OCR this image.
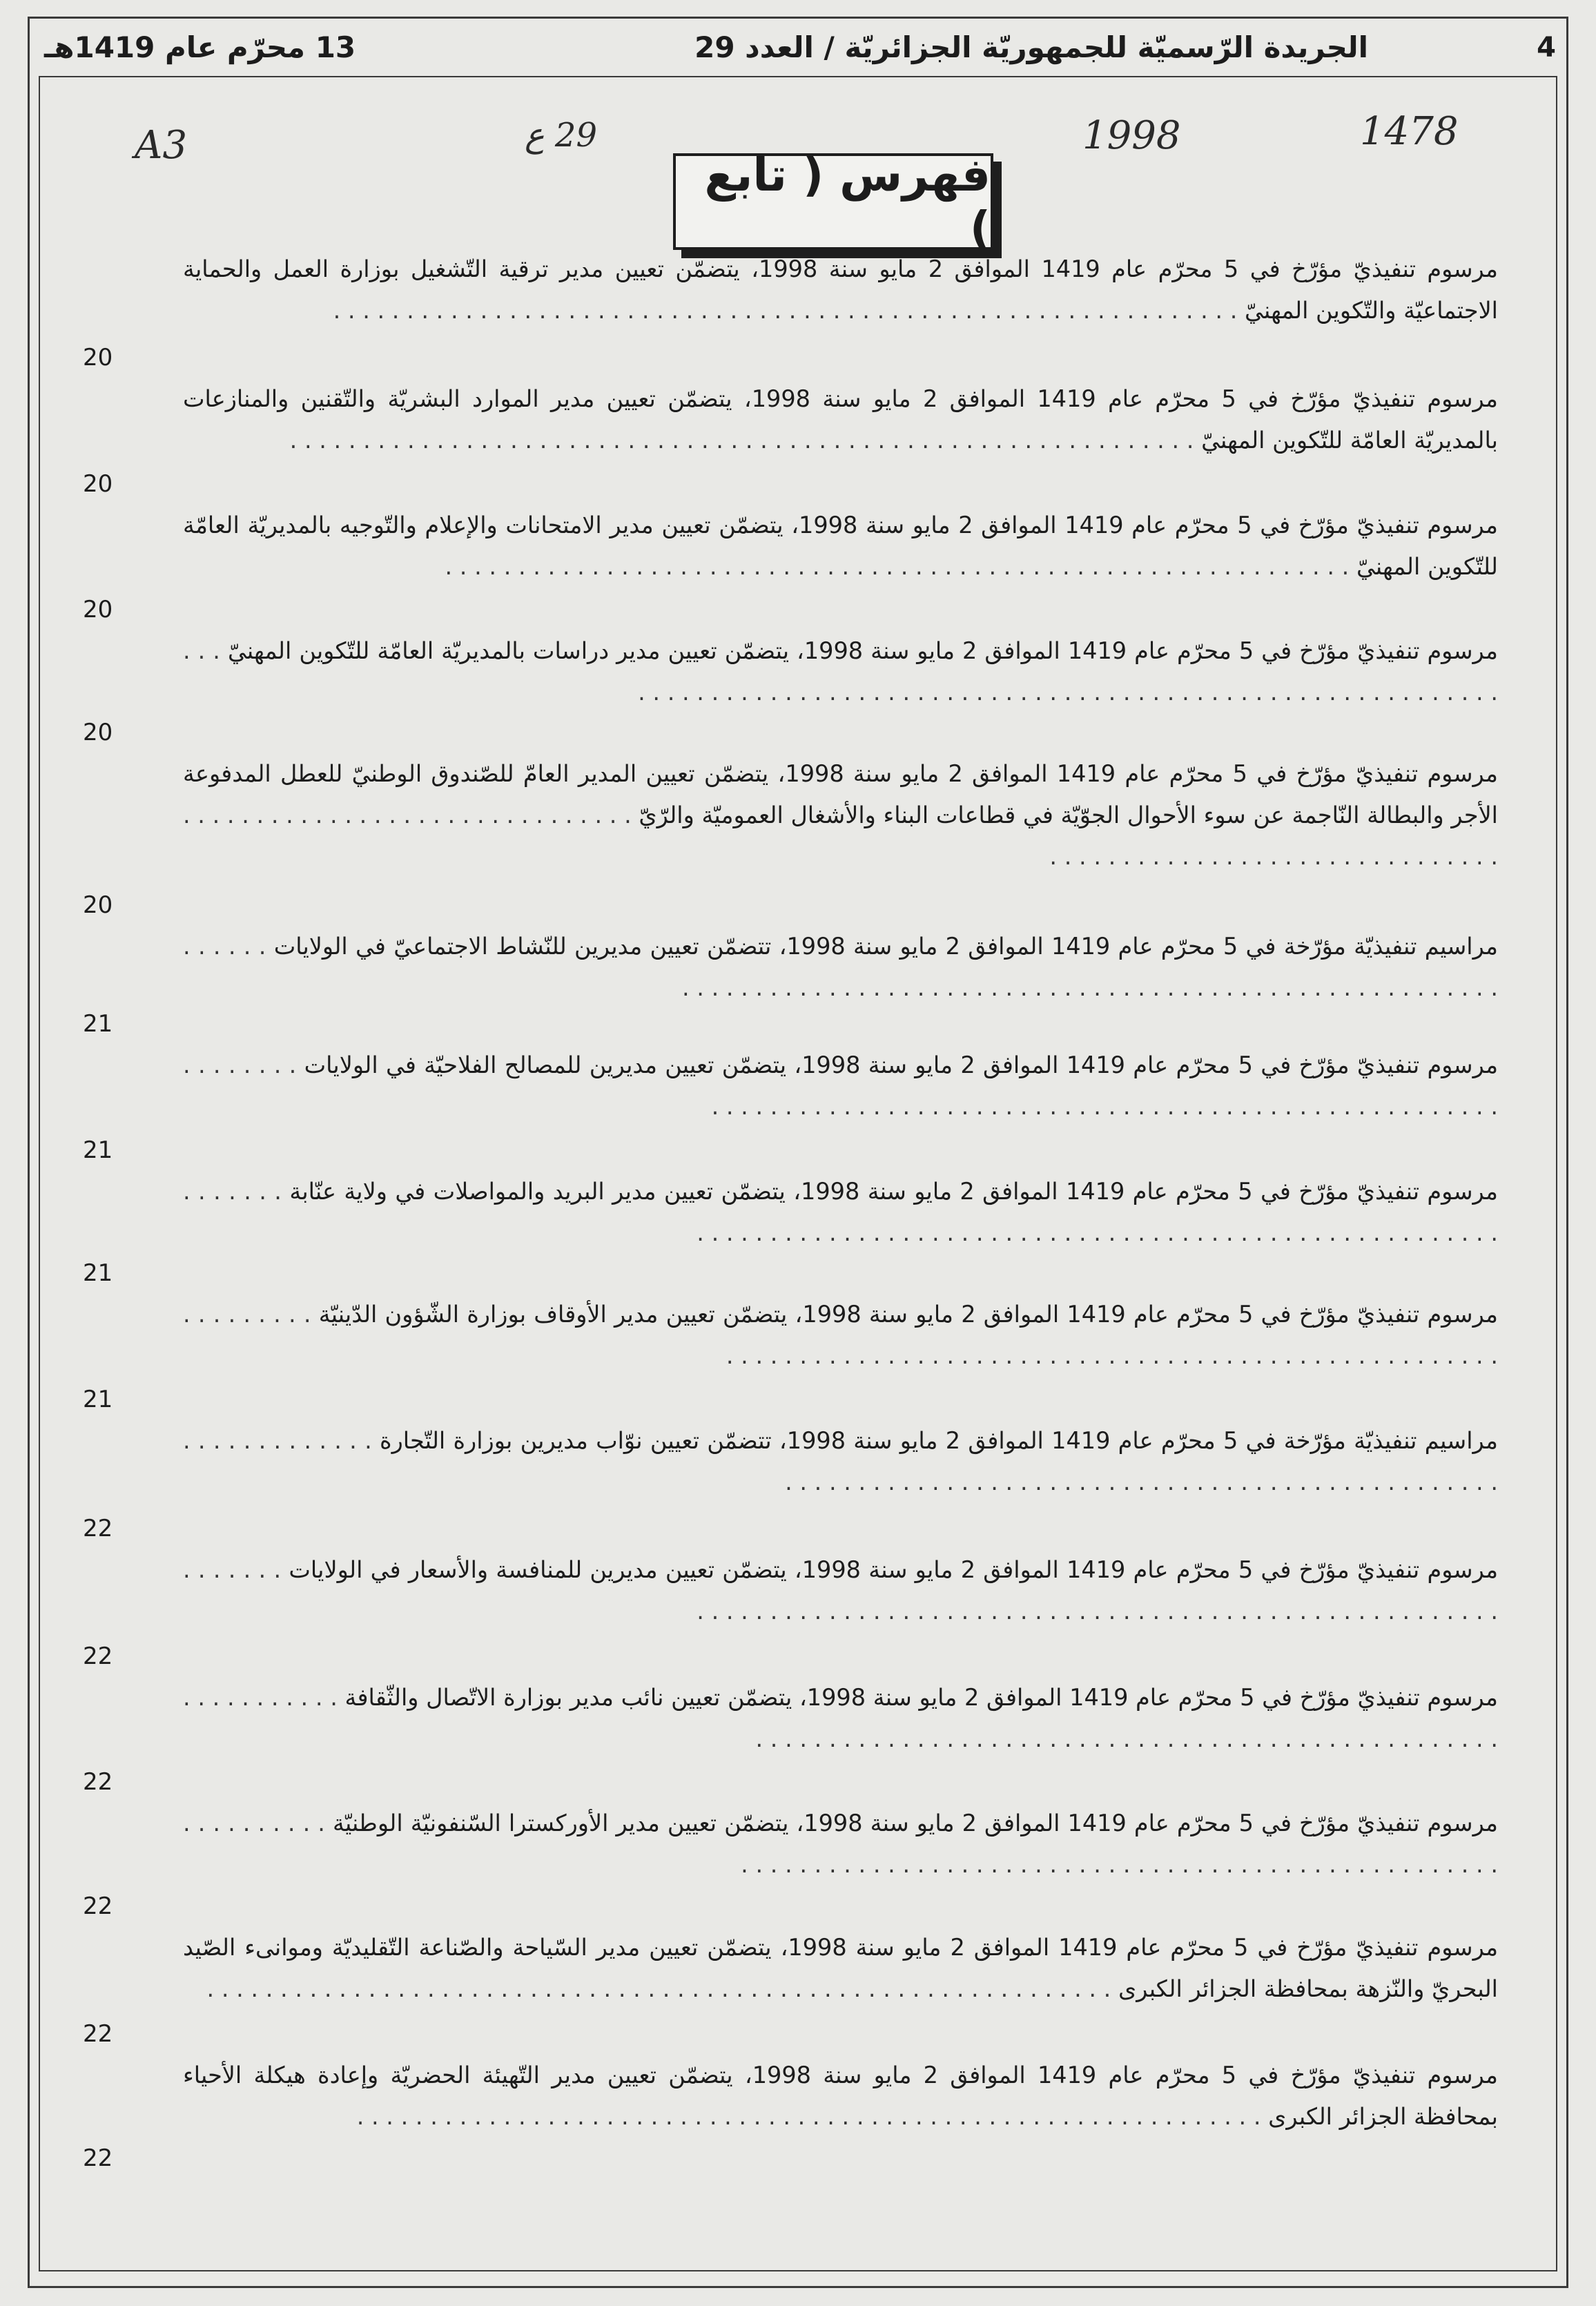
4
الجريدة الرّسميّة للجمهوريّة الجزائريّة / العدد 29
13 محرّم عام 1419هـ
A3	29 ع	1998	1478
فهرس ( تابع )
مرسوم تنفيذيّ مؤرّخ في 5 محرّم عام 1419 الموافق 2 مايو سنة 1998، يتضمّن تعيين مدير ترقية التّشغيل بوزارة العمل والحماية الاجتماعيّة والتّكوين المهنيّ . . . . . . . . . . . . . . . . . . . . . . . . . . . . . . . . . . . . . . . . . . . . . . . . . . . . . . . . . . . . . .
20
مرسوم تنفيذيّ مؤرّخ في 5 محرّم عام 1419 الموافق 2 مايو سنة 1998، يتضمّن تعيين مدير الموارد البشريّة والتّقنين والمنازعات بالمديريّة العامّة للتّكوين المهنيّ . . . . . . . . . . . . . . . . . . . . . . . . . . . . . . . . . . . . . . . . . . . . . . . . . . . . . . . . . . . . . .
20
مرسوم تنفيذيّ مؤرّخ في 5 محرّم عام 1419 الموافق 2 مايو سنة 1998، يتضمّن تعيين مدير الامتحانات والإعلام والتّوجيه بالمديريّة العامّة للتّكوين المهنيّ . . . . . . . . . . . . . . . . . . . . . . . . . . . . . . . . . . . . . . . . . . . . . . . . . . . . . . . . . . . . . .
20
مرسوم تنفيذيّ مؤرّخ في 5 محرّم عام 1419 الموافق 2 مايو سنة 1998، يتضمّن تعيين مدير دراسات بالمديريّة العامّة للتّكوين المهنيّ . . . . . . . . . . . . . . . . . . . . . . . . . . . . . . . . . . . . . . . . . . . . . . . . . . . . . . . . . . . . . .
20
مرسوم تنفيذيّ مؤرّخ في 5 محرّم عام 1419 الموافق 2 مايو سنة 1998، يتضمّن تعيين المدير العامّ للصّندوق الوطنيّ للعطل المدفوعة الأجر والبطالة النّاجمة عن سوء الأحوال الجوّيّة في قطاعات البناء والأشغال العموميّة والرّيّ . . . . . . . . . . . . . . . . . . . . . . . . . . . . . . . . . . . . . . . . . . . . . . . . . . . . . . . . . . . . . .
20
مراسيم تنفيذيّة مؤرّخة في 5 محرّم عام 1419 الموافق 2 مايو سنة 1998، تتضمّن تعيين مديرين للنّشاط الاجتماعيّ في الولايات . . . . . . . . . . . . . . . . . . . . . . . . . . . . . . . . . . . . . . . . . . . . . . . . . . . . . . . . . . . . . .
21
مرسوم تنفيذيّ مؤرّخ في 5 محرّم عام 1419 الموافق 2 مايو سنة 1998، يتضمّن تعيين مديرين للمصالح الفلاحيّة في الولايات . . . . . . . . . . . . . . . . . . . . . . . . . . . . . . . . . . . . . . . . . . . . . . . . . . . . . . . . . . . . . .
21
مرسوم تنفيذيّ مؤرّخ في 5 محرّم عام 1419 الموافق 2 مايو سنة 1998، يتضمّن تعيين مدير البريد والمواصلات في ولاية عنّابة . . . . . . . . . . . . . . . . . . . . . . . . . . . . . . . . . . . . . . . . . . . . . . . . . . . . . . . . . . . . . .
21
مرسوم تنفيذيّ مؤرّخ في 5 محرّم عام 1419 الموافق 2 مايو سنة 1998، يتضمّن تعيين مدير الأوقاف بوزارة الشّؤون الدّينيّة . . . . . . . . . . . . . . . . . . . . . . . . . . . . . . . . . . . . . . . . . . . . . . . . . . . . . . . . . . . . . .
21
مراسيم تنفيذيّة مؤرّخة في 5 محرّم عام 1419 الموافق 2 مايو سنة 1998، تتضمّن تعيين نوّاب مديرين بوزارة التّجارة . . . . . . . . . . . . . . . . . . . . . . . . . . . . . . . . . . . . . . . . . . . . . . . . . . . . . . . . . . . . . .
22
مرسوم تنفيذيّ مؤرّخ في 5 محرّم عام 1419 الموافق 2 مايو سنة 1998، يتضمّن تعيين مديرين للمنافسة والأسعار في الولايات . . . . . . . . . . . . . . . . . . . . . . . . . . . . . . . . . . . . . . . . . . . . . . . . . . . . . . . . . . . . . .
22
مرسوم تنفيذيّ مؤرّخ في 5 محرّم عام 1419 الموافق 2 مايو سنة 1998، يتضمّن تعيين نائب مدير بوزارة الاتّصال والثّقافة . . . . . . . . . . . . . . . . . . . . . . . . . . . . . . . . . . . . . . . . . . . . . . . . . . . . . . . . . . . . . .
22
مرسوم تنفيذيّ مؤرّخ في 5 محرّم عام 1419 الموافق 2 مايو سنة 1998، يتضمّن تعيين مدير الأوركسترا السّنفونيّة الوطنيّة . . . . . . . . . . . . . . . . . . . . . . . . . . . . . . . . . . . . . . . . . . . . . . . . . . . . . . . . . . . . . .
22
مرسوم تنفيذيّ مؤرّخ في 5 محرّم عام 1419 الموافق 2 مايو سنة 1998، يتضمّن تعيين مدير السّياحة والصّناعة التّقليديّة وموانىء الصّيد البحريّ والنّزهة بمحافظة الجزائر الكبرى . . . . . . . . . . . . . . . . . . . . . . . . . . . . . . . . . . . . . . . . . . . . . . . . . . . . . . . . . . . . . .
22
مرسوم تنفيذيّ مؤرّخ في 5 محرّم عام 1419 الموافق 2 مايو سنة 1998، يتضمّن تعيين مدير التّهيئة الحضريّة وإعادة هيكلة الأحياء بمحافظة الجزائر الكبرى . . . . . . . . . . . . . . . . . . . . . . . . . . . . . . . . . . . . . . . . . . . . . . . . . . . . . . . . . . . . . .
22
